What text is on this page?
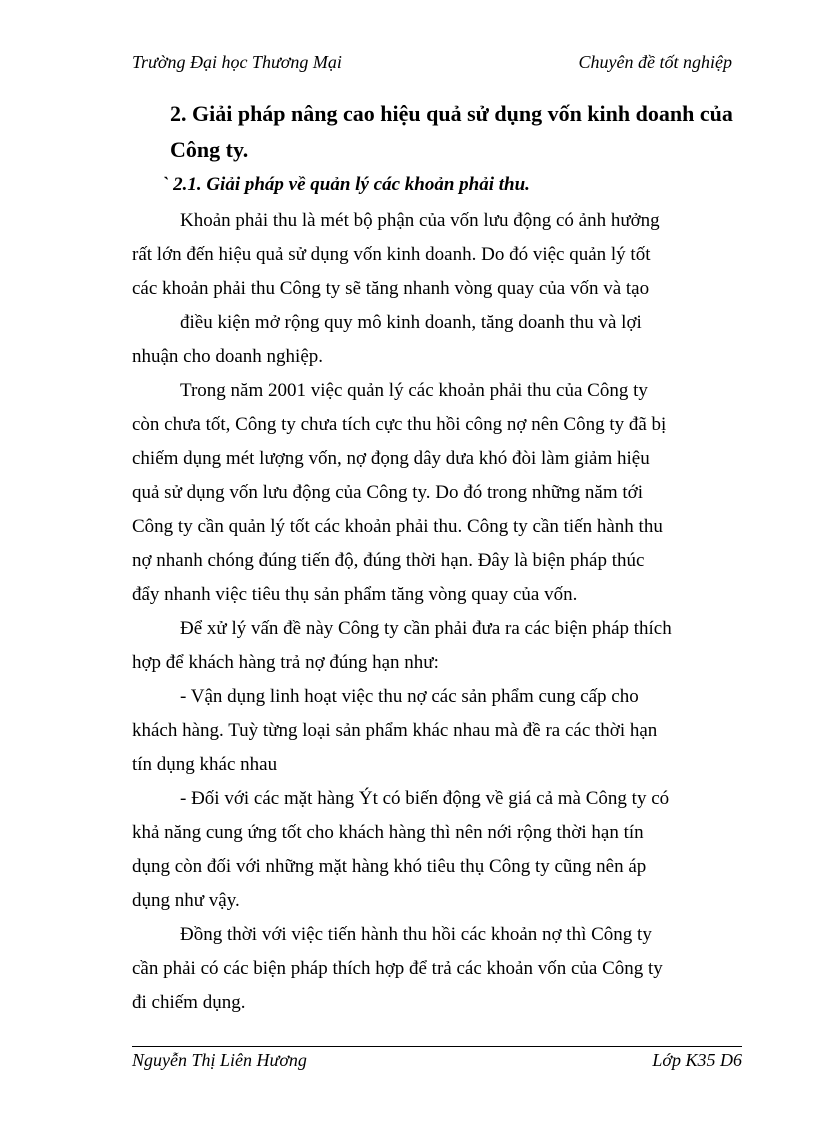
Trường Đại học Thương Mại	Chuyên đề tốt nghiệp
2. Giải pháp nâng cao hiệu quả sử dụng vốn kinh doanh của Công ty.

` 2.1. Giải pháp về quản lý các khoản phải thu.

Khoản phải thu là mét bộ phận của vốn lưu động có ảnh hưởng

rất lớn đến hiệu quả sử dụng vốn kinh doanh. Do đó việc quản lý tốt

các khoản phải thu Công ty sẽ tăng nhanh vòng quay của vốn và tạo

điều kiện mở rộng quy mô kinh doanh, tăng doanh thu và lợi

nhuận cho doanh nghiệp.

Trong năm 2001 việc quản lý các khoản phải thu của Công ty

còn chưa tốt, Công ty chưa tích cực thu hồi công nợ nên Công ty đã bị

chiếm dụng mét lượng vốn, nợ đọng dây dưa khó đòi làm giảm hiệu

quả sử dụng vốn lưu động của Công ty. Do đó trong những năm tới

Công ty cần quản lý tốt các khoản phải thu. Công ty cần tiến hành thu

nợ nhanh chóng đúng tiến độ, đúng thời hạn. Đây là biện pháp thúc

đẩy nhanh việc tiêu thụ sản phẩm tăng vòng quay của vốn.

Để xử lý vấn đề này Công ty cần phải đưa ra các biện pháp thích

hợp để khách hàng trả nợ đúng hạn như:

- Vận dụng linh hoạt việc thu nợ các sản phẩm cung cấp cho

khách hàng. Tuỳ từng loại sản phẩm khác nhau mà đề ra các thời hạn

tín dụng khác nhau

- Đối với các mặt hàng Ýt có biến động về giá cả mà Công ty có

khả năng cung ứng tốt cho khách hàng thì nên nới rộng thời hạn tín

dụng còn đối với những mặt hàng khó tiêu thụ Công ty cũng nên áp

dụng như vậy.

Đồng thời với việc tiến hành thu hồi các khoản nợ thì Công ty

cần phải có các biện pháp thích hợp để trả các khoản vốn của Công ty

đi chiếm dụng.

Nguyễn Thị Liên Hương	Lớp K35 D6
